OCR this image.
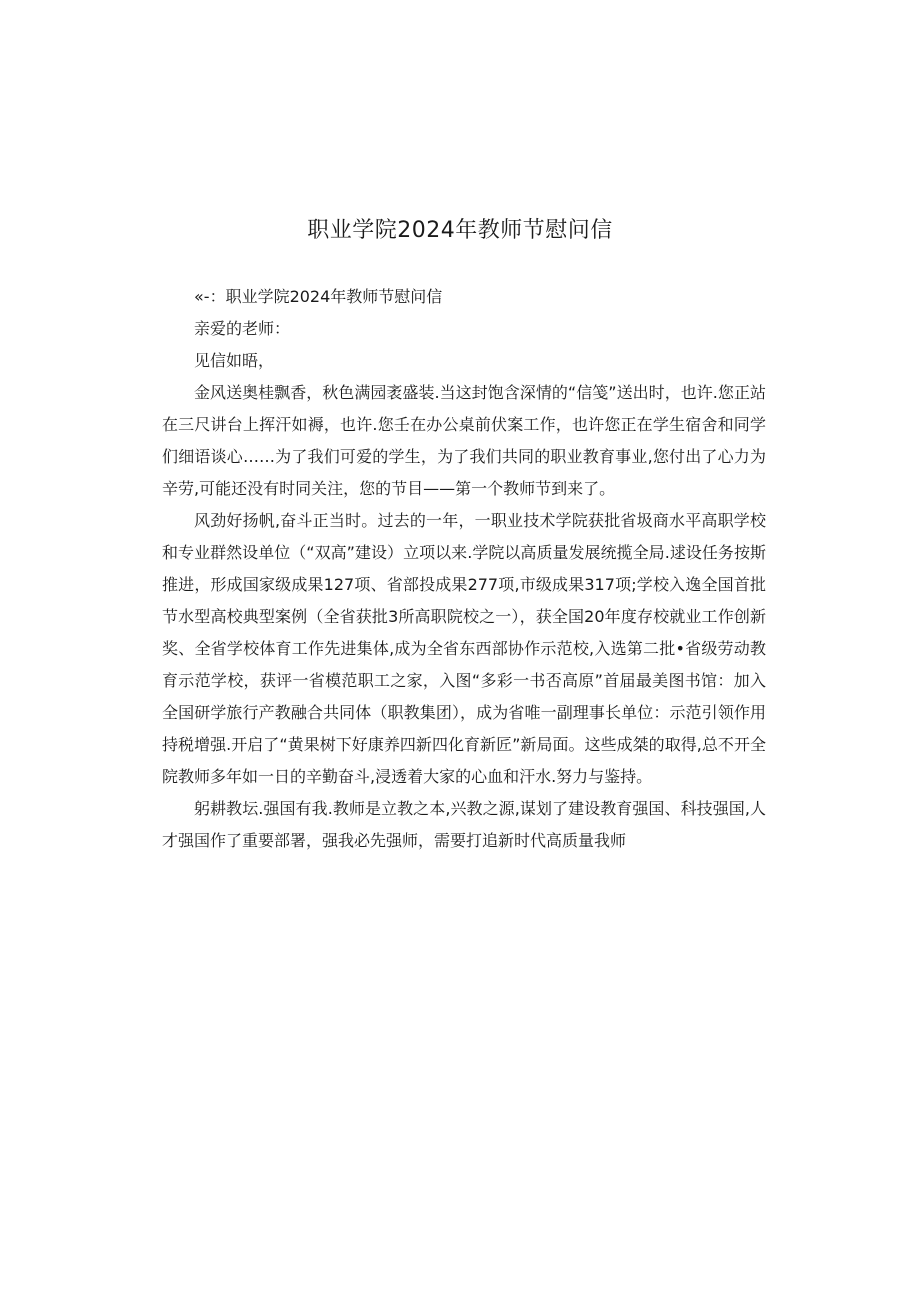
职业学院2024年教师节慰问信

«-：职业学院2024年教师节慰问信

亲爱的老师：

见信如晤，

金风送奥桂飘香，秋色满园袤盛装.当这封饱含深情的“信笺”送出时，也许.您正站在三尺讲台上挥汗如褥，也许.您壬在办公桌前伏案工作，也许您正在学生宿舍和同学们细语谈心……为了我们可爱的学生，为了我们共同的职业教育事业,您付出了心力为辛劳,可能还没有时同关注，您的节目——第一个教师节到来了。

风劲好扬帆,奋斗正当时。过去的一年，一职业技术学院获批省圾商水平高职学校和专业群然设单位（“双高”建设）立项以来.学院以高质量发展统揽全局.逑设任务按斯推进，形成国家级成果127项、省部投成果277项,市级成果317项;学校入逸全国首批节水型高校典型案例（全省获批3所高职院校之一），获全国20年度存校就业工作创新奖、全省学校体育工作先进集体,成为全省东西部协作示范校,入选第二批•省级劳动教育示范学校，获评一省模范职工之家，入图“多彩一书否高原”首届最美图书馆：加入全国研学旅行产教融合共同体（职教集团），成为省唯一副理事长单位：示范引领作用持税增强.开启了“黄果树下好康养四新四化育新匠”新局面。这些成桀的取得,总不开全院教师多年如一日的辛勤奋斗,浸透着大家的心血和汗水.努力与鉴持。

躬耕教坛.强国有我.教师是立教之本,兴教之源,谋划了建设教育强国、科技强国,人才强国作了重要部署，强我必先强师，需要打追新时代高质量我师
